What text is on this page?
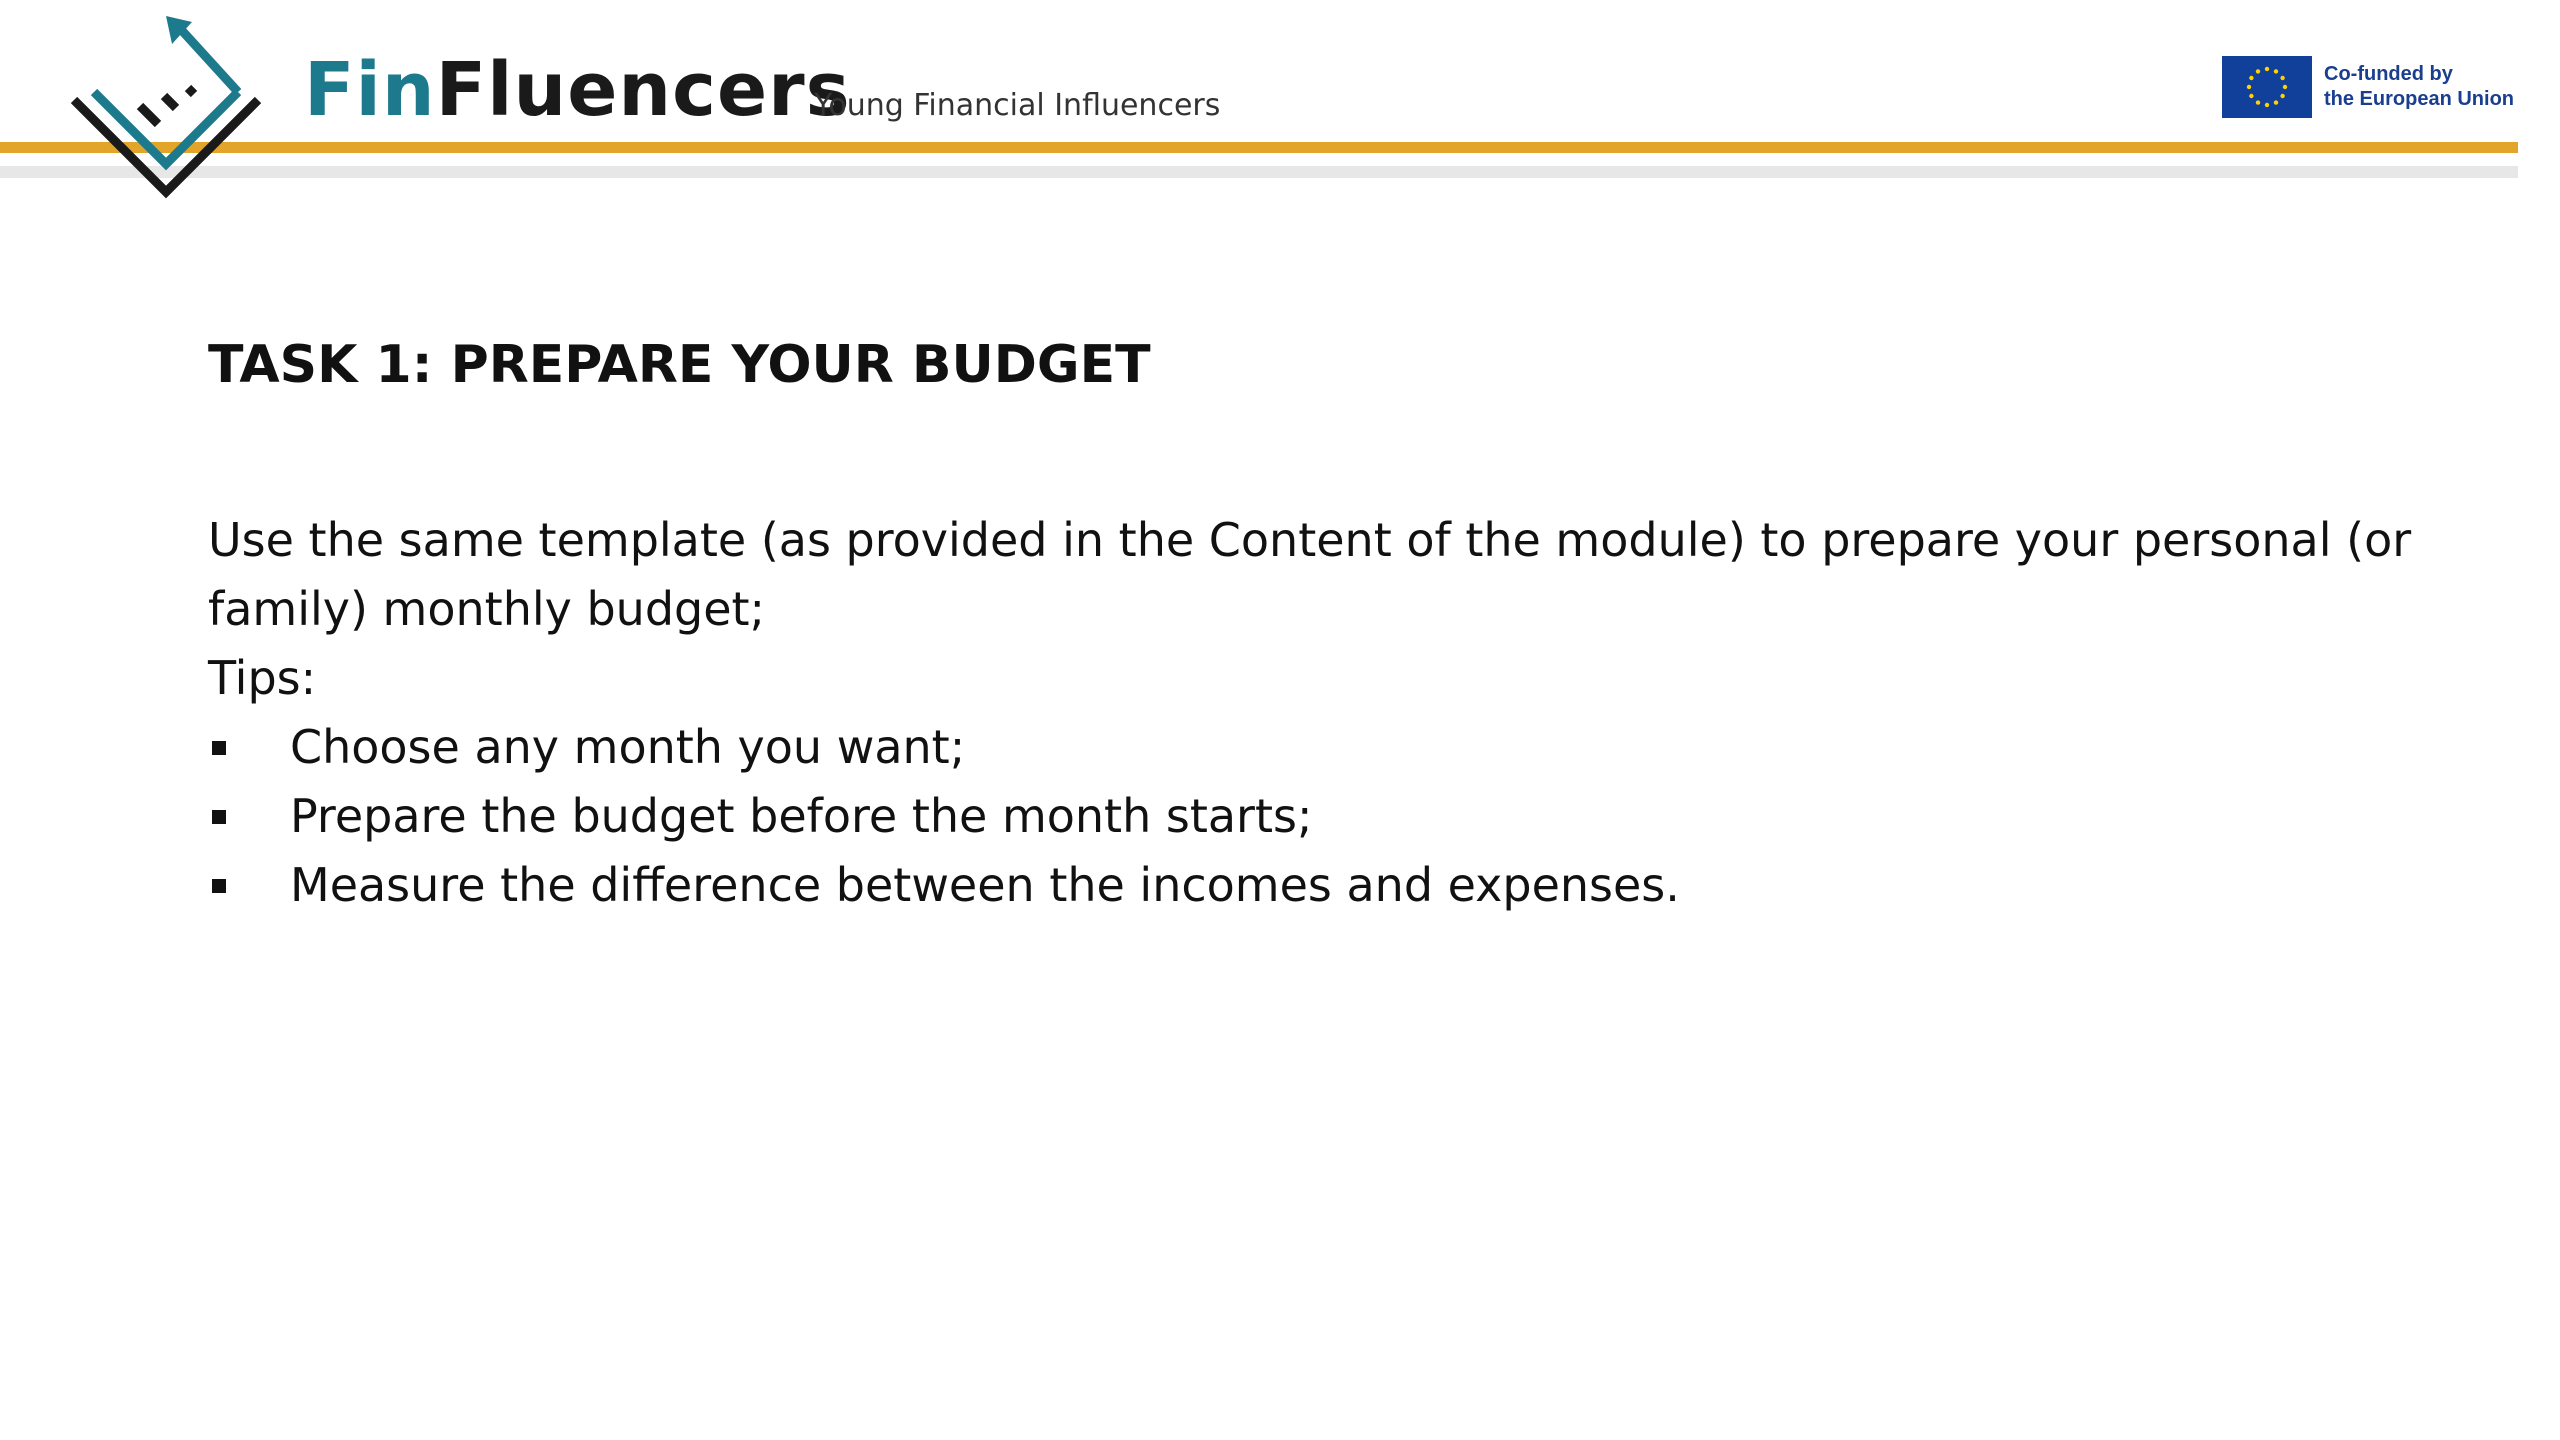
FinFluencers
Young Financial Influencers
Co-funded by
the European Union
TASK 1: PREPARE YOUR BUDGET

Use the same template (as provided in the Content of the module) to prepare your personal (or family) monthly budget;

Tips:

Choose any month you want;
Prepare the budget before the month starts;
Measure the difference between the incomes and expenses.
